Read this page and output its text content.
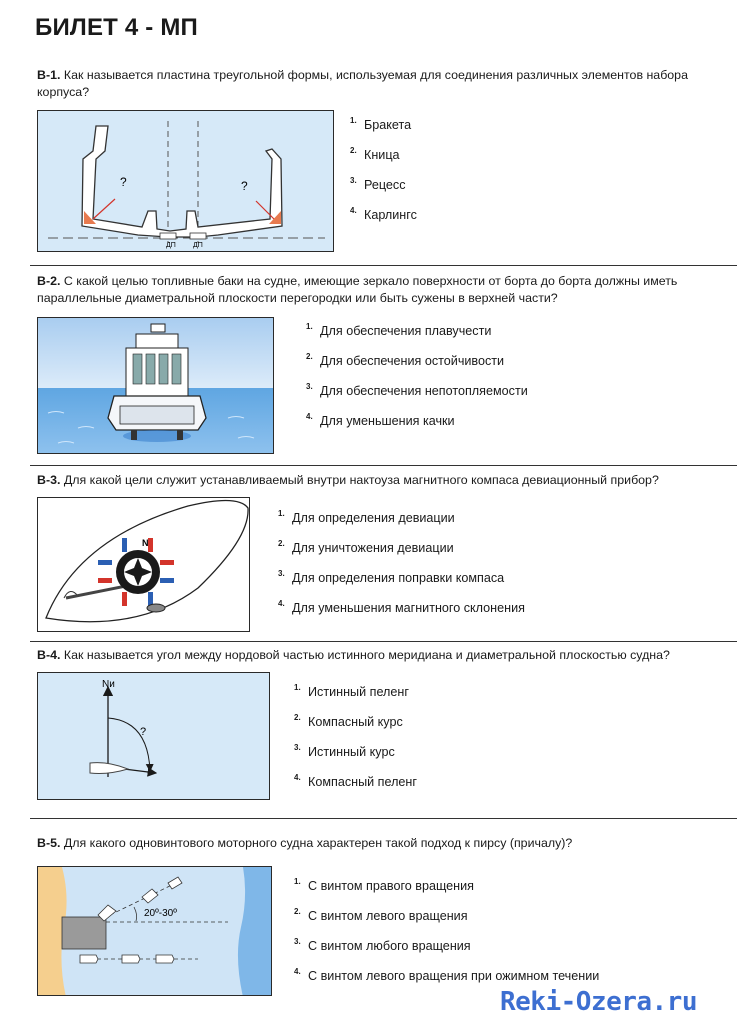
БИЛЕТ 4 - МП
В-1. Как называется пластина треугольной формы, используемая для соединения различных элементов набора корпуса?
?	?
ДП ДП
1. Бракета
2. Кница
3. Рецесс
4. Карлингс
В-2. С какой целью топливные баки на судне, имеющие зеркало поверхности от борта до борта должны иметь параллельные диаметральной плоскости перегородки или быть сужены в верхней части?
1. Для обеспечения плавучести
2. Для обеспечения остойчивости
3. Для обеспечения непотопляемости
4. Для уменьшения качки
В-3. Для какой цели служит устанавливаемый внутри нактоуза магнитного компаса девиационный прибор?
N
1. Для определения девиации
2. Для уничтожения девиации
3. Для определения поправки компаса
4. Для уменьшения магнитного склонения
В-4. Как называется угол между нордовой частью истинного меридиана и диаметральной плоскостью судна?
Nи
?
1. Истинный пеленг
2. Компасный курс
3. Истинный курс
4. Компасный пеленг
В-5. Для какого одновинтового моторного судна характерен такой подход к пирсу (причалу)?
20º-30º
1. С винтом правого вращения
2. С винтом левого вращения
3. С винтом любого вращения
4. С винтом левого вращения при ожимном течении
Reki-Ozera.ru
